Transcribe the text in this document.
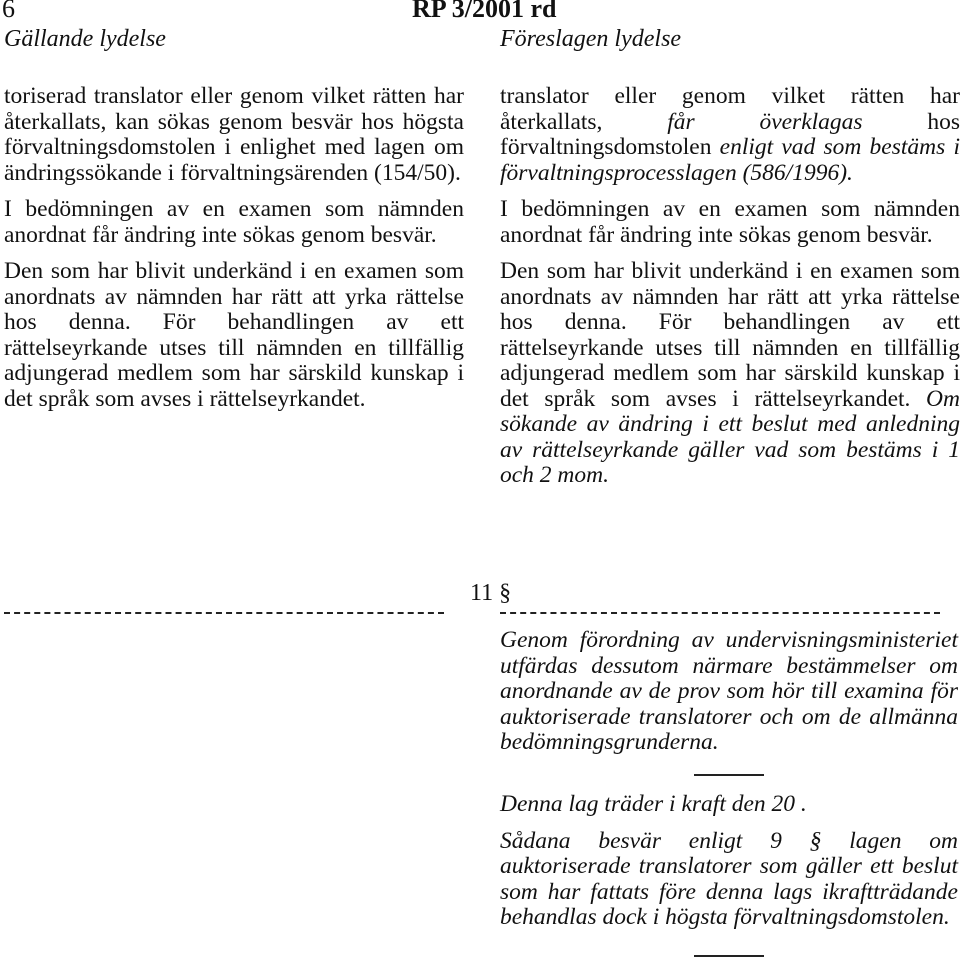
6	RP 3/2001 rd
Gällande lydelse	Föreslagen lydelse

toriserad translator eller genom vilket rätten har återkallats, kan sökas genom besvär hos högsta förvaltningsdomstolen i enlighet med lagen om ändringssökande i förvaltningsärenden (154/50).

I bedömningen av en examen som nämnden anordnat får ändring inte sökas genom besvär.

Den som har blivit underkänd i en examen som anordnats av nämnden har rätt att yrka rättelse hos denna. För behandlingen av ett rättelseyrkande utses till nämnden en tillfällig adjungerad medlem som har särskild kunskap i det språk som avses i rättelseyrkandet.

translator eller genom vilket rätten har återkallats, får överklagas hos förvaltningsdomstolen enligt vad som bestäms i förvaltningsprocesslagen (586/1996).

I bedömningen av en examen som nämnden anordnat får ändring inte sökas genom besvär.

Den som har blivit underkänd i en examen som anordnats av nämnden har rätt att yrka rättelse hos denna. För behandlingen av ett rättelseyrkande utses till nämnden en tillfällig adjungerad medlem som har särskild kunskap i det språk som avses i rättelseyrkandet. Om sökande av ändring i ett beslut med anledning av rättelseyrkande gäller vad som bestäms i 1 och 2 mom.

11 §

Genom förordning av undervisningsministeriet utfärdas dessutom närmare bestämmelser om anordnande av de prov som hör till examina för auktoriserade translatorer och om de allmänna bedömningsgrunderna.

Denna lag träder i kraft den 20 .

Sådana besvär enligt 9 § lagen om auktoriserade translatorer som gäller ett beslut som har fattats före denna lags ikraftträdande behandlas dock i högsta förvaltningsdomstolen.
